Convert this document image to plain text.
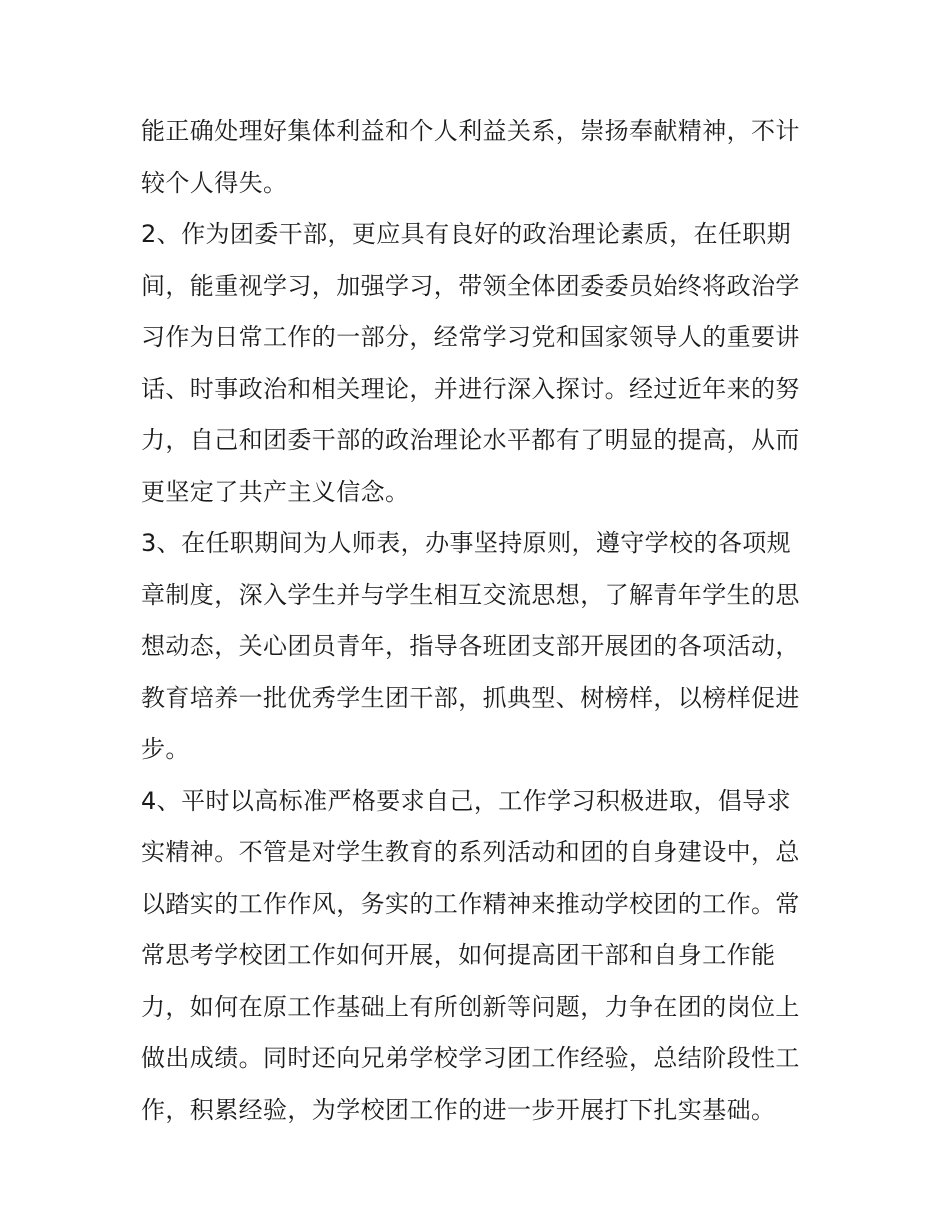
能正确处理好集体利益和个人利益关系，崇扬奉献精神，不计
较个人得失。
2、作为团委干部，更应具有良好的政治理论素质，在任职期
间，能重视学习，加强学习，带领全体团委委员始终将政治学
习作为日常工作的一部分，经常学习党和国家领导人的重要讲
话、时事政治和相关理论，并进行深入探讨。经过近年来的努
力，自己和团委干部的政治理论水平都有了明显的提高，从而
更坚定了共产主义信念。
3、在任职期间为人师表，办事坚持原则，遵守学校的各项规
章制度，深入学生并与学生相互交流思想，了解青年学生的思
想动态，关心团员青年，指导各班团支部开展团的各项活动，
教育培养一批优秀学生团干部，抓典型、树榜样，以榜样促进
步。
4、平时以高标准严格要求自己，工作学习积极进取，倡导求
实精神。不管是对学生教育的系列活动和团的自身建设中，总
以踏实的工作作风，务实的工作精神来推动学校团的工作。常
常思考学校团工作如何开展，如何提高团干部和自身工作能
力，如何在原工作基础上有所创新等问题，力争在团的岗位上
做出成绩。同时还向兄弟学校学习团工作经验，总结阶段性工
作，积累经验，为学校团工作的进一步开展打下扎实基础。
